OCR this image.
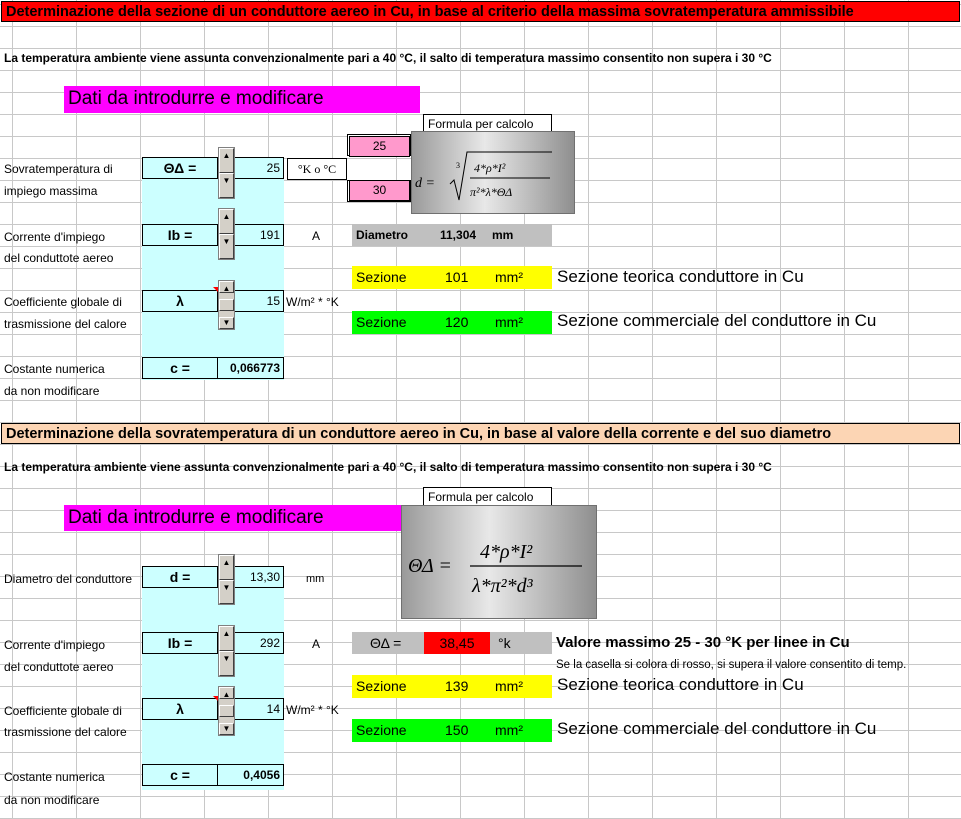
Determinazione della sezione di un conduttore aereo in Cu, in base al criterio della massima sovratemperatura ammissibile
La temperatura ambiente viene assunta convenzionalmente pari a 40 °C, il salto di temperatura massimo consentito non supera i 30 °C
Dati da introdurre e modificare
Sovratemperatura di
impiego massima
ΘΔ =	25
▲
▼
°K o °C
25
30
Formula per calcolo
d =
3 4*ρ*I²
π²*λ*ΘΔ
Corrente d'impiego
del conduttote aereo
Ib =	191
▲
▼	A	Diametro	11,304 mm
Sezione	101 mm² Sezione teorica conduttore in Cu
Coefficiente globale di
trasmissione del calore
λ	15
▲
▼
W/m² * °K
Sezione	120 mm² Sezione commerciale del conduttore in Cu
Costante numerica
da non modificare
c =	0,066773
Determinazione della sovratemperatura di un conduttore aereo in Cu, in base al valore della corrente e del suo diametro
La temperatura ambiente viene assunta convenzionalmente pari a 40 °C, il salto di temperatura massimo consentito non supera i 30 °C
Dati da introdurre e modificare
Formula per calcolo
ΘΔ =
4*ρ*I²
λ*π²*d³
Diametro del conduttore	d =	13,30
▲
▼
mm
Corrente d'impiego
del conduttote aereo
Ib =	292
▲
▼
A	ΘΔ =	38,45	°k	Valore massimo 25 - 30 °K per linee in Cu
Se la casella si colora di rosso, si supera il valore consentito di temp.
Sezione	139 mm² Sezione teorica conduttore in Cu
Coefficiente globale di
trasmissione del calore
λ	14
▲
▼
W/m² * °K
Sezione	150 mm² Sezione commerciale del conduttore in Cu
Costante numerica
da non modificare
c =	0,4056
